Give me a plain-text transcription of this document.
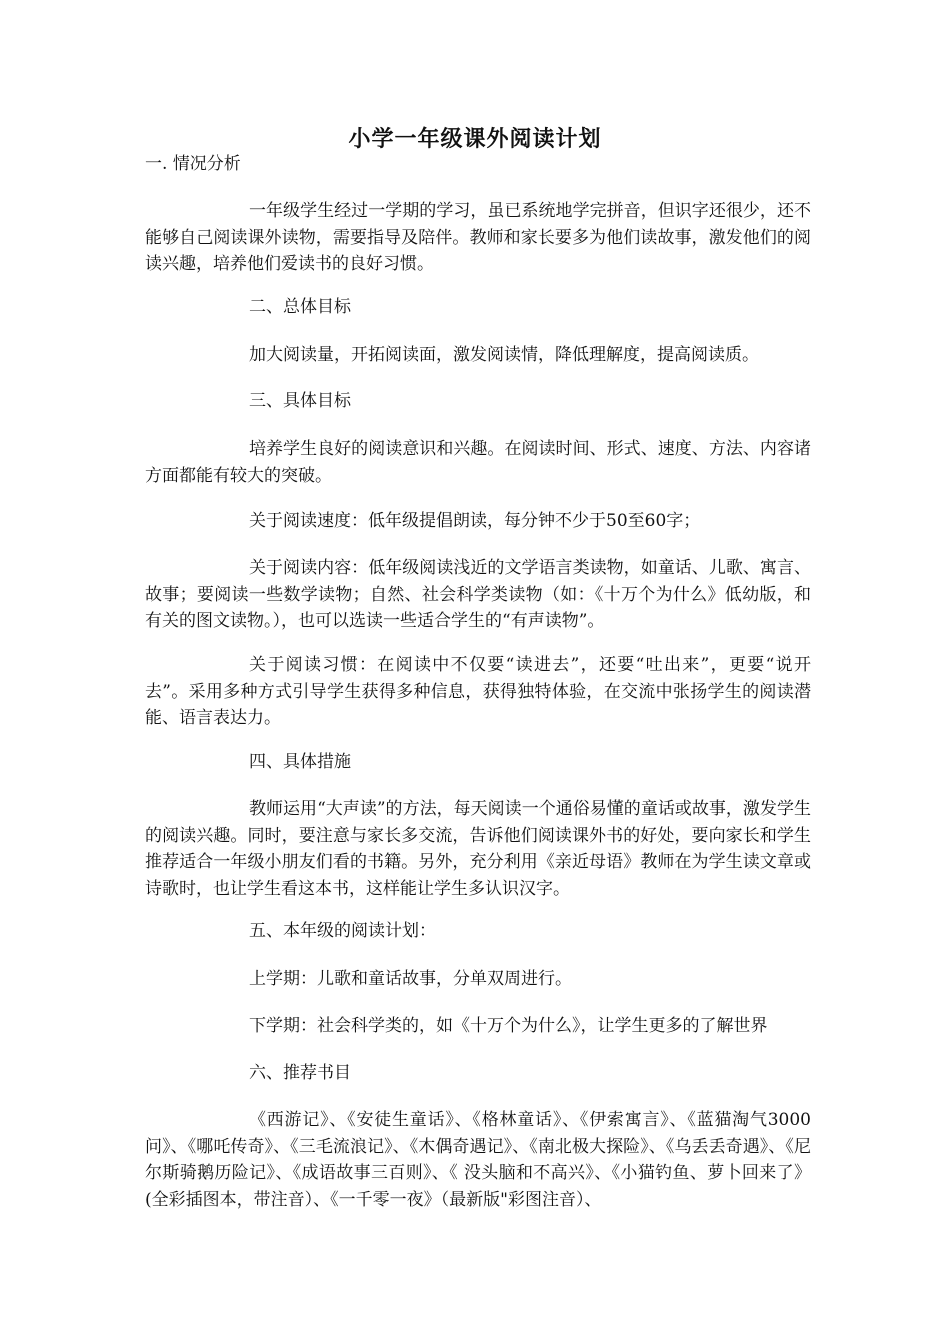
小学一年级课外阅读计划
一. 情况分析
一年级学生经过一学期的学习，虽已系统地学完拼音，但识字还很少，还不能够自己阅读课外读物，需要指导及陪伴。教师和家长要多为他们读故事，激发他们的阅读兴趣，培养他们爱读书的良好习惯。
二、总体目标
加大阅读量，开拓阅读面，激发阅读情，降低理解度，提高阅读质。
三、具体目标
培养学生良好的阅读意识和兴趣。在阅读时间、形式、速度、方法、内容诸方面都能有较大的突破。
关于阅读速度：低年级提倡朗读，每分钟不少于50至60字；
关于阅读内容：低年级阅读浅近的文学语言类读物，如童话、儿歌、寓言、故事；要阅读一些数学读物；自然、社会科学类读物（如：《十万个为什么》低幼版，和有关的图文读物。），也可以选读一些适合学生的“有声读物”。
关于阅读习惯：在阅读中不仅要“读进去”，还要“吐出来”，更要“说开去”。采用多种方式引导学生获得多种信息，获得独特体验，在交流中张扬学生的阅读潜能、语言表达力。
四、具体措施
教师运用“大声读”的方法，每天阅读一个通俗易懂的童话或故事，激发学生的阅读兴趣。同时，要注意与家长多交流，告诉他们阅读课外书的好处，要向家长和学生推荐适合一年级小朋友们看的书籍。另外，充分利用《亲近母语》教师在为学生读文章或诗歌时，也让学生看这本书，这样能让学生多认识汉字。
五、本年级的阅读计划：
上学期：儿歌和童话故事，分单双周进行。
下学期：社会科学类的，如《十万个为什么》，让学生更多的了解世界
六、推荐书目
《西游记》、《安徒生童话》、《格林童话》、《伊索寓言》、《蓝猫淘气3000问》、《哪吒传奇》、《三毛流浪记》、《木偶奇遇记》、《南北极大探险》、《乌丢丢奇遇》、《尼尔斯骑鹅历险记》、《成语故事三百则》、《 没头脑和不高兴》、《小猫钓鱼、萝卜回来了》(全彩插图本，带注音）、《一千零一夜》（最新版"彩图注音）、
